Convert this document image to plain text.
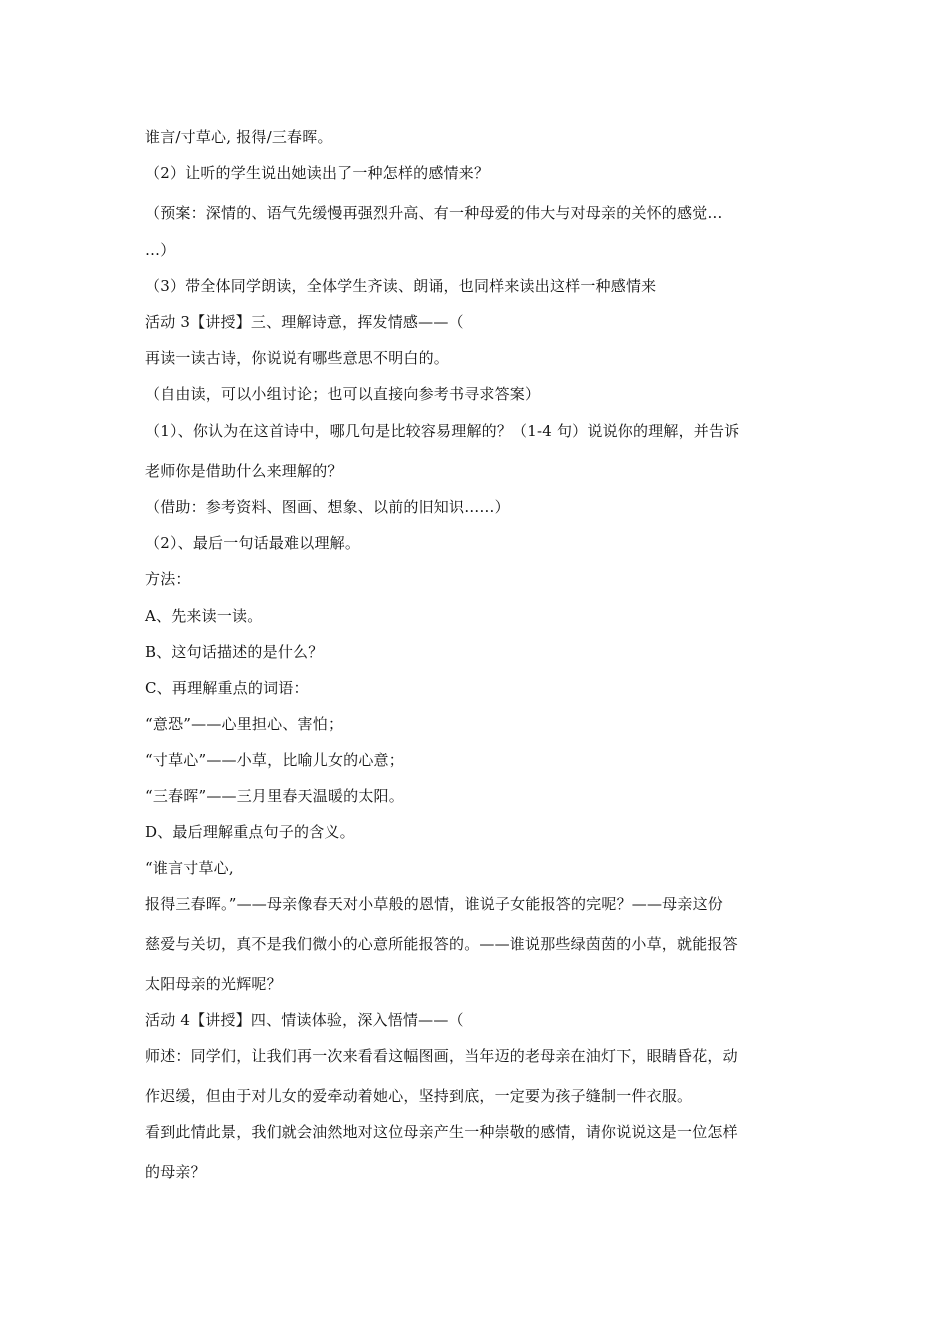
谁言/寸草心, 报得/三春晖。
（2）让听的学生说出她读出了一种怎样的感情来？
（预案：深情的、语气先缓慢再强烈升高、有一种母爱的伟大与对母亲的关怀的感觉…
…）
（3）带全体同学朗读，全体学生齐读、朗诵，也同样来读出这样一种感情来
活动 3【讲授】三、理解诗意，挥发情感——（
再读一读古诗，你说说有哪些意思不明白的。
（自由读，可以小组讨论；也可以直接向参考书寻求答案）
（1）、你认为在这首诗中，哪几句是比较容易理解的？（1-4 句）说说你的理解，并告诉
老师你是借助什么来理解的？
（借助：参考资料、图画、想象、以前的旧知识……）
（2）、最后一句话最难以理解。
方法：
A、先来读一读。
B、这句话描述的是什么？
C、再理解重点的词语：
“意恐”——心里担心、害怕；
“寸草心”——小草，比喻儿女的心意；
“三春晖”——三月里春天温暖的太阳。
D、最后理解重点句子的含义。
“谁言寸草心,
报得三春晖。”——母亲像春天对小草般的恩情，谁说子女能报答的完呢？——母亲这份
慈爱与关切，真不是我们微小的心意所能报答的。——谁说那些绿茵茵的小草，就能报答
太阳母亲的光辉呢？
活动 4【讲授】四、情读体验，深入悟情——（
师述：同学们，让我们再一次来看看这幅图画，当年迈的老母亲在油灯下，眼睛昏花，动
作迟缓，但由于对儿女的爱牵动着她心，坚持到底，一定要为孩子缝制一件衣服。
看到此情此景，我们就会油然地对这位母亲产生一种崇敬的感情，请你说说这是一位怎样
的母亲？
